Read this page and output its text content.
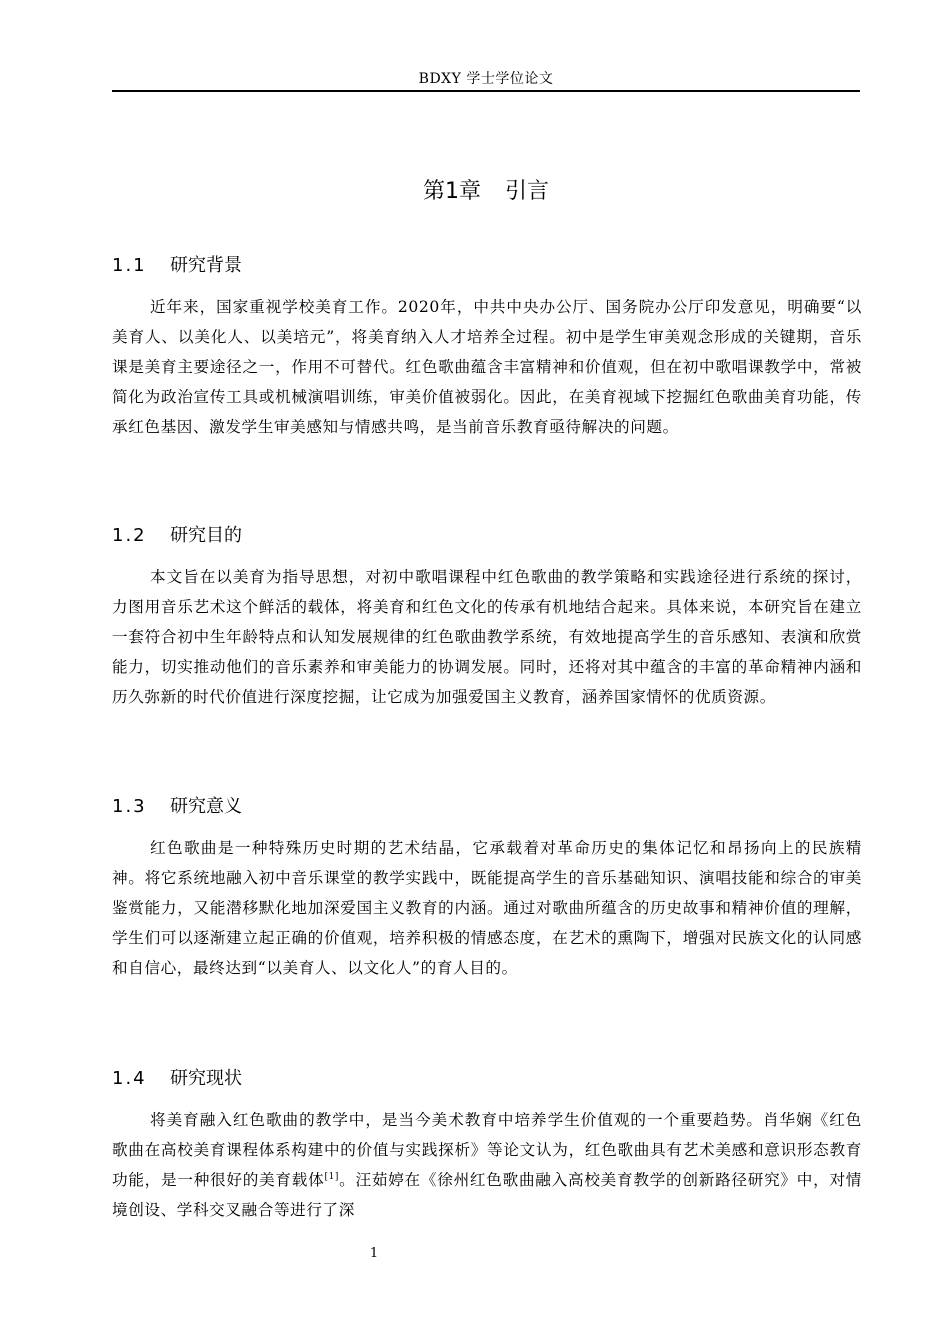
BDXY 学士学位论文
第1章 引言
1.1 研究背景
近年来，国家重视学校美育工作。2020年，中共中央办公厅、国务院办公厅印发意见，明确要“以美育人、以美化人、以美培元”，将美育纳入人才培养全过程。初中是学生审美观念形成的关键期，音乐课是美育主要途径之一，作用不可替代。红色歌曲蕴含丰富精神和价值观，但在初中歌唱课教学中，常被简化为政治宣传工具或机械演唱训练，审美价值被弱化。因此，在美育视域下挖掘红色歌曲美育功能，传承红色基因、激发学生审美感知与情感共鸣，是当前音乐教育亟待解决的问题。
1.2 研究目的
本文旨在以美育为指导思想，对初中歌唱课程中红色歌曲的教学策略和实践途径进行系统的探讨，力图用音乐艺术这个鲜活的载体，将美育和红色文化的传承有机地结合起来。具体来说，本研究旨在建立一套符合初中生年龄特点和认知发展规律的红色歌曲教学系统，有效地提高学生的音乐感知、表演和欣赏能力，切实推动他们的音乐素养和审美能力的协调发展。同时，还将对其中蕴含的丰富的革命精神内涵和历久弥新的时代价值进行深度挖掘，让它成为加强爱国主义教育，涵养国家情怀的优质资源。
1.3 研究意义
红色歌曲是一种特殊历史时期的艺术结晶，它承载着对革命历史的集体记忆和昂扬向上的民族精神。将它系统地融入初中音乐课堂的教学实践中，既能提高学生的音乐基础知识、演唱技能和综合的审美鉴赏能力，又能潜移默化地加深爱国主义教育的内涵。通过对歌曲所蕴含的历史故事和精神价值的理解，学生们可以逐渐建立起正确的价值观，培养积极的情感态度，在艺术的熏陶下，增强对民族文化的认同感和自信心，最终达到“以美育人、以文化人”的育人目的。
1.4 研究现状
将美育融入红色歌曲的教学中，是当今美术教育中培养学生价值观的一个重要趋势。肖华娴《红色歌曲在高校美育课程体系构建中的价值与实践探析》等论文认为，红色歌曲具有艺术美感和意识形态教育功能，是一种很好的美育载体[1]。汪茹婷在《徐州红色歌曲融入高校美育教学的创新路径研究》中，对情境创设、学科交叉融合等进行了深
1
